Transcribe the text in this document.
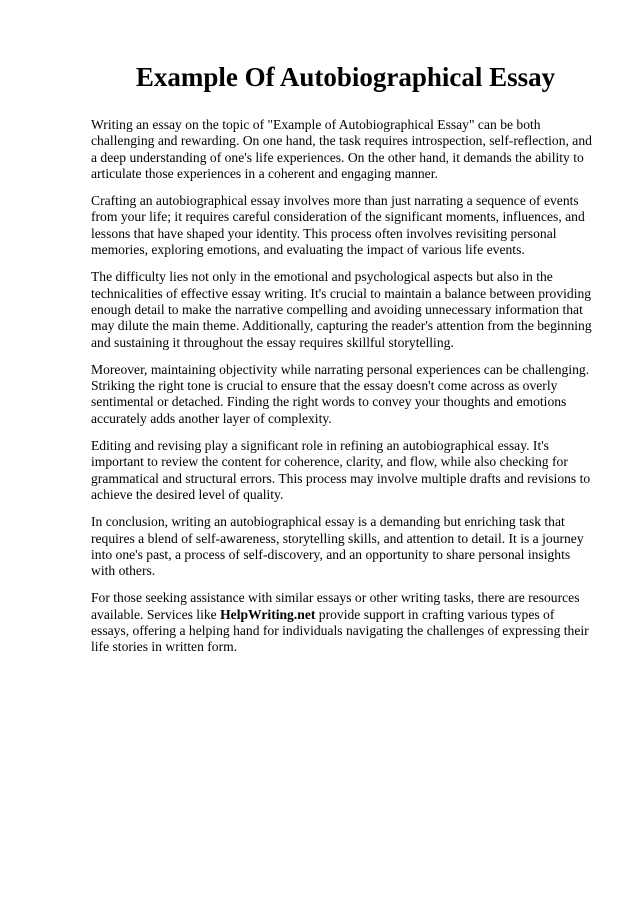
Example Of Autobiographical Essay

Writing an essay on the topic of "Example of Autobiographical Essay" can be both challenging and rewarding. On one hand, the task requires introspection, self-reflection, and a deep understanding of one's life experiences. On the other hand, it demands the ability to articulate those experiences in a coherent and engaging manner.

Crafting an autobiographical essay involves more than just narrating a sequence of events from your life; it requires careful consideration of the significant moments, influences, and lessons that have shaped your identity. This process often involves revisiting personal memories, exploring emotions, and evaluating the impact of various life events.

The difficulty lies not only in the emotional and psychological aspects but also in the technicalities of effective essay writing. It's crucial to maintain a balance between providing enough detail to make the narrative compelling and avoiding unnecessary information that may dilute the main theme. Additionally, capturing the reader's attention from the beginning and sustaining it throughout the essay requires skillful storytelling.

Moreover, maintaining objectivity while narrating personal experiences can be challenging. Striking the right tone is crucial to ensure that the essay doesn't come across as overly sentimental or detached. Finding the right words to convey your thoughts and emotions accurately adds another layer of complexity.

Editing and revising play a significant role in refining an autobiographical essay. It's important to review the content for coherence, clarity, and flow, while also checking for grammatical and structural errors. This process may involve multiple drafts and revisions to achieve the desired level of quality.

In conclusion, writing an autobiographical essay is a demanding but enriching task that requires a blend of self-awareness, storytelling skills, and attention to detail. It is a journey into one's past, a process of self-discovery, and an opportunity to share personal insights with others.

For those seeking assistance with similar essays or other writing tasks, there are resources available. Services like HelpWriting.net provide support in crafting various types of essays, offering a helping hand for individuals navigating the challenges of expressing their life stories in written form.
